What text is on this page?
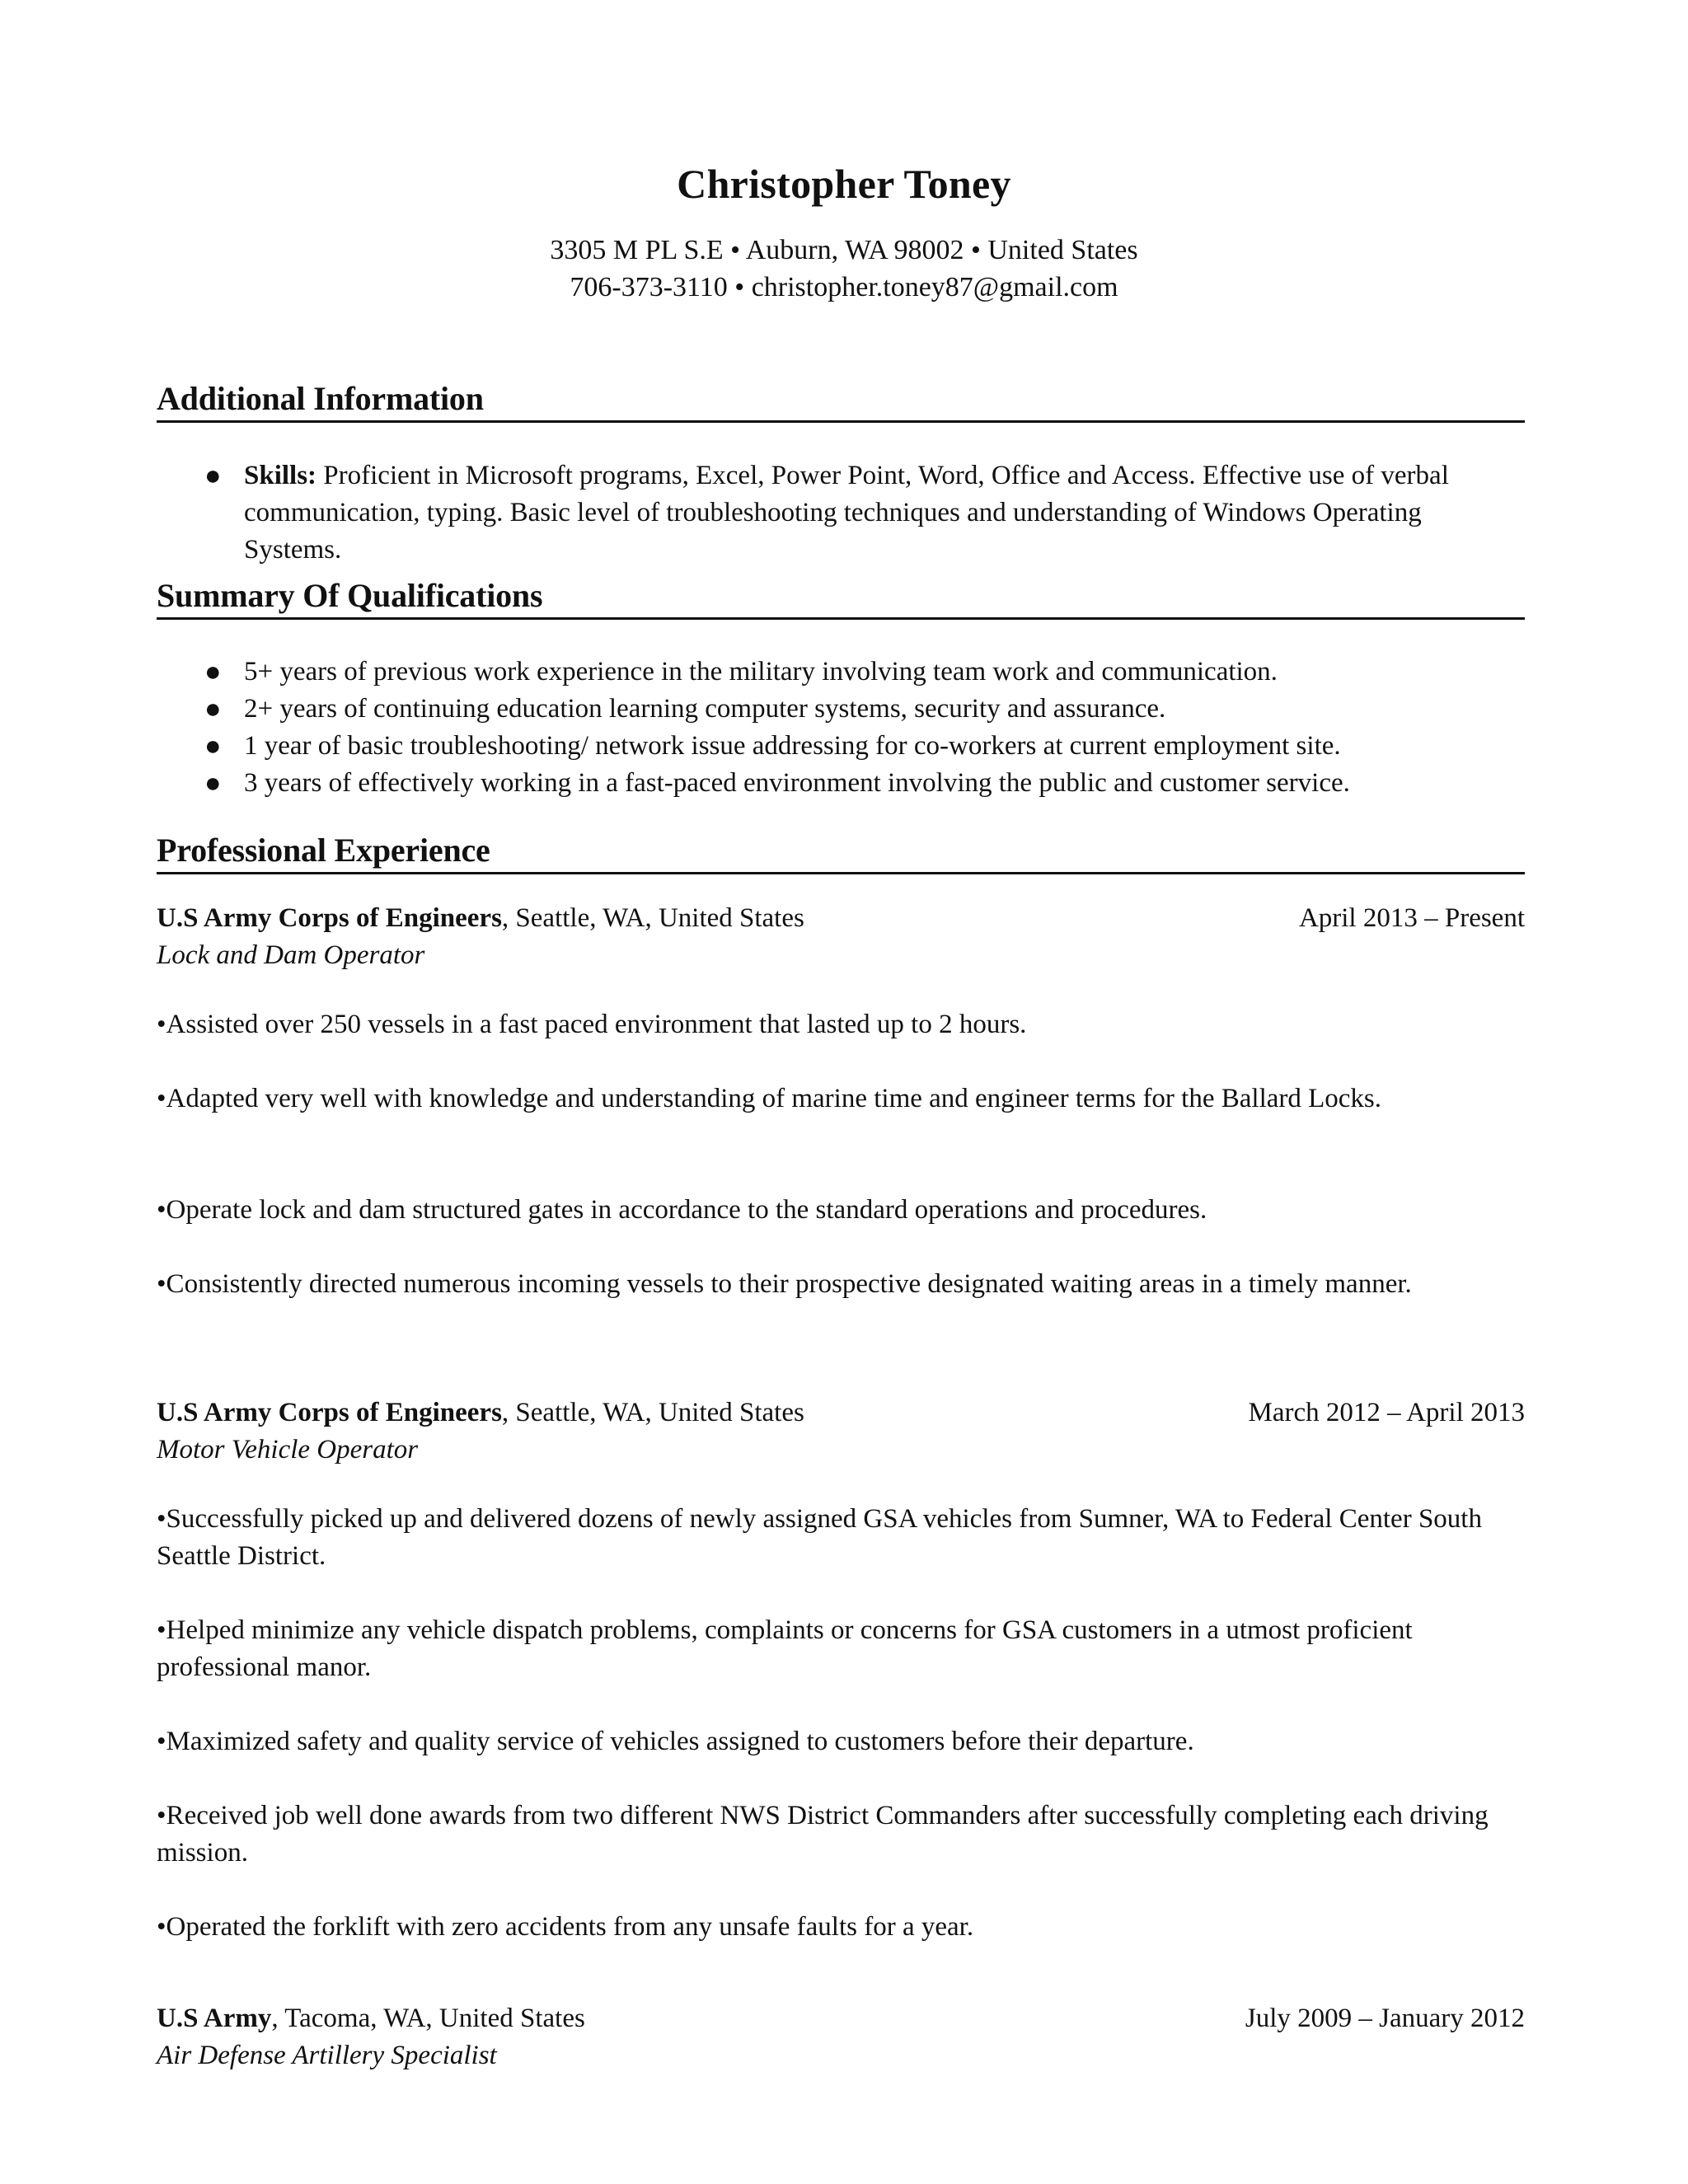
Christopher Toney
3305 M PL S.E • Auburn, WA 98002 • United States
706-373-3110 • christopher.toney87@gmail.com
Additional Information
● Skills: Proficient in Microsoft programs, Excel, Power Point, Word, Office and Access. Effective use of verbal communication, typing. Basic level of troubleshooting techniques and understanding of Windows Operating Systems.
Summary Of Qualifications
● 5+ years of previous work experience in the military involving team work and communication.
● 2+ years of continuing education learning computer systems, security and assurance.
● 1 year of basic troubleshooting/ network issue addressing for co-workers at current employment site.
● 3 years of effectively working in a fast-paced environment involving the public and customer service.
Professional Experience
U.S Army Corps of Engineers, Seattle, WA, United States	April 2013 – Present
Lock and Dam Operator

•Assisted over 250 vessels in a fast paced environment that lasted up to 2 hours.

•Adapted very well with knowledge and understanding of marine time and engineer terms for the Ballard Locks.

•Operate lock and dam structured gates in accordance to the standard operations and procedures.

•Consistently directed numerous incoming vessels to their prospective designated waiting areas in a timely manner.

U.S Army Corps of Engineers, Seattle, WA, United States	March 2012 – April 2013
Motor Vehicle Operator

•Successfully picked up and delivered dozens of newly assigned GSA vehicles from Sumner, WA to Federal Center South Seattle District.

•Helped minimize any vehicle dispatch problems, complaints or concerns for GSA customers in a utmost proficient professional manor.

•Maximized safety and quality service of vehicles assigned to customers before their departure.

•Received job well done awards from two different NWS District Commanders after successfully completing each driving mission.

•Operated the forklift with zero accidents from any unsafe faults for a year.

U.S Army, Tacoma, WA, United States	July 2009 – January 2012
Air Defense Artillery Specialist
